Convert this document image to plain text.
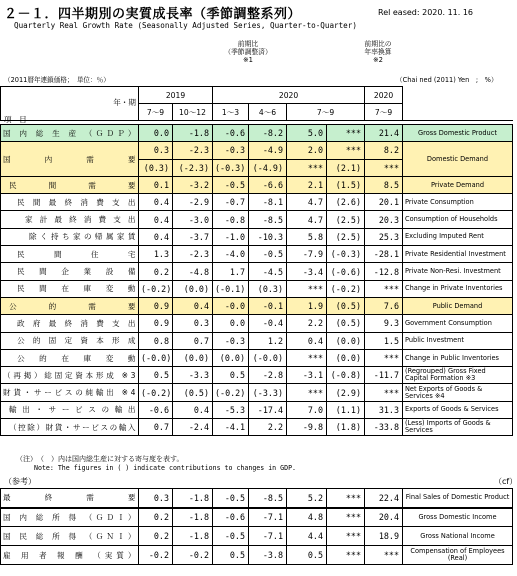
２－１．四半期別の実質成長率（季節調整系列）	Rel eased: 2020. 11. 16
Quarterly Real Growth Rate (Seasonally Adjusted Series, Quarter-to-Quarter)
前期比
（季節調整済）
※1
前期比の
年率換算
※2
（2011暦年連鎖価格；　単位：％）	（Chai ned (2011) Yen　;　%）
年・期	2019		2020			2020	
	7～9	10～12	1～3	4～6	7～9	7～9	
項　目
国 内 総 生 産 （ＧＤＰ）	0.0	-1.8	-0.6	-8.2	5.0	***	21.4	Gross Domestic Product
国　　内　　需　　要	0.3	-2.3	-0.3	-4.9	2.0	***	8.2	Domestic Demand
	(0.3)	(-2.3)	(-0.3)	(-4.9)	***	(2.1)	***	
民　　間　　需　　要	0.1	-3.2	-0.5	-6.6	2.1	(1.5)	8.5	Private Demand
民 間 最 終 消 費 支 出	0.4	-2.9	-0.7	-8.1	4.7	(2.6)	20.1	Private Consumption
家 計 最 終 消 費 支 出	0.4	-3.0	-0.8	-8.5	4.7	(2.5)	20.3	Consumption of Households
除く持ち家の帰属家賃	0.4	-3.7	-1.0	-10.3	5.8	(2.5)	25.3	Excluding Imputed Rent
民　間　住　宅	1.3	-2.3	-4.0	-0.5	-7.9	(-0.3)	-28.1	Private Residential Investment
民 間 企 業 設 備	0.2	-4.8	1.7	-4.5	-3.4	(-0.6)	-12.8	Private Non-Resi. Investment
民 間 在 庫 変 動	(-0.2)	(0.0)	(-0.1)	(0.3)	***	(-0.2)	***	Change in Private Inventories
公　　的　　需　　要	0.9	0.4	-0.0	-0.1	1.9	(0.5)	7.6	Public Demand
政 府 最 終 消 費 支 出	0.9	0.3	0.0	-0.4	2.2	(0.5)	9.3	Government Consumption
公 的 固 定 資 本 形 成	0.8	0.7	-0.3	1.2	0.4	(0.0)	1.5	Public Investment
公 的 在 庫 変 動	(-0.0)	(0.0)	(0.0)	(-0.0)	***	(0.0)	***	Change in Public Inventories
（再掲）総固定資本形成 ※3	0.5	-3.3	0.5	-2.8	-3.1	(-0.8)	-11.7	(Regrouped) Gross Fixed Capital Formation ※3
財貨・サービスの純輸出 ※4	(-0.2)	(0.5)	(-0.2)	(-3.3)	***	(2.9)	***	Net Exports of Goods & Services ※4
輸 出 ・ サ ー ビ ス の 輸 出	-0.6	0.4	-5.3	-17.4	7.0	(1.1)	31.3	Exports of Goods & Services
（控除）財貨・サービスの輸入	0.7	-2.4	-4.1	2.2	-9.8	(1.8)	-33.8	(Less) Imports of Goods & Services
（注）　（　）内は国内総生産に対する寄与度を表す。
Note: The figures in ( ) indicate contributions to changes in GDP.
（参考）	（cf）
最　終　需　要	0.3	-1.8	-0.5	-8.5	5.2	***	22.4	Final Sales of Domestic Product
国 内 総 所 得 （ＧＤＩ）	0.2	-1.8	-0.6	-7.1	4.8	***	20.4	Gross Domestic Income
国 民 総 所 得 （ＧＮＩ）	0.2	-1.8	-0.5	-7.1	4.4	***	18.9	Gross National Income
雇 用 者 報 酬 （実質）	-0.2	-0.2	0.5	-3.8	0.5	***	***	Compensation of Employees (Real)
